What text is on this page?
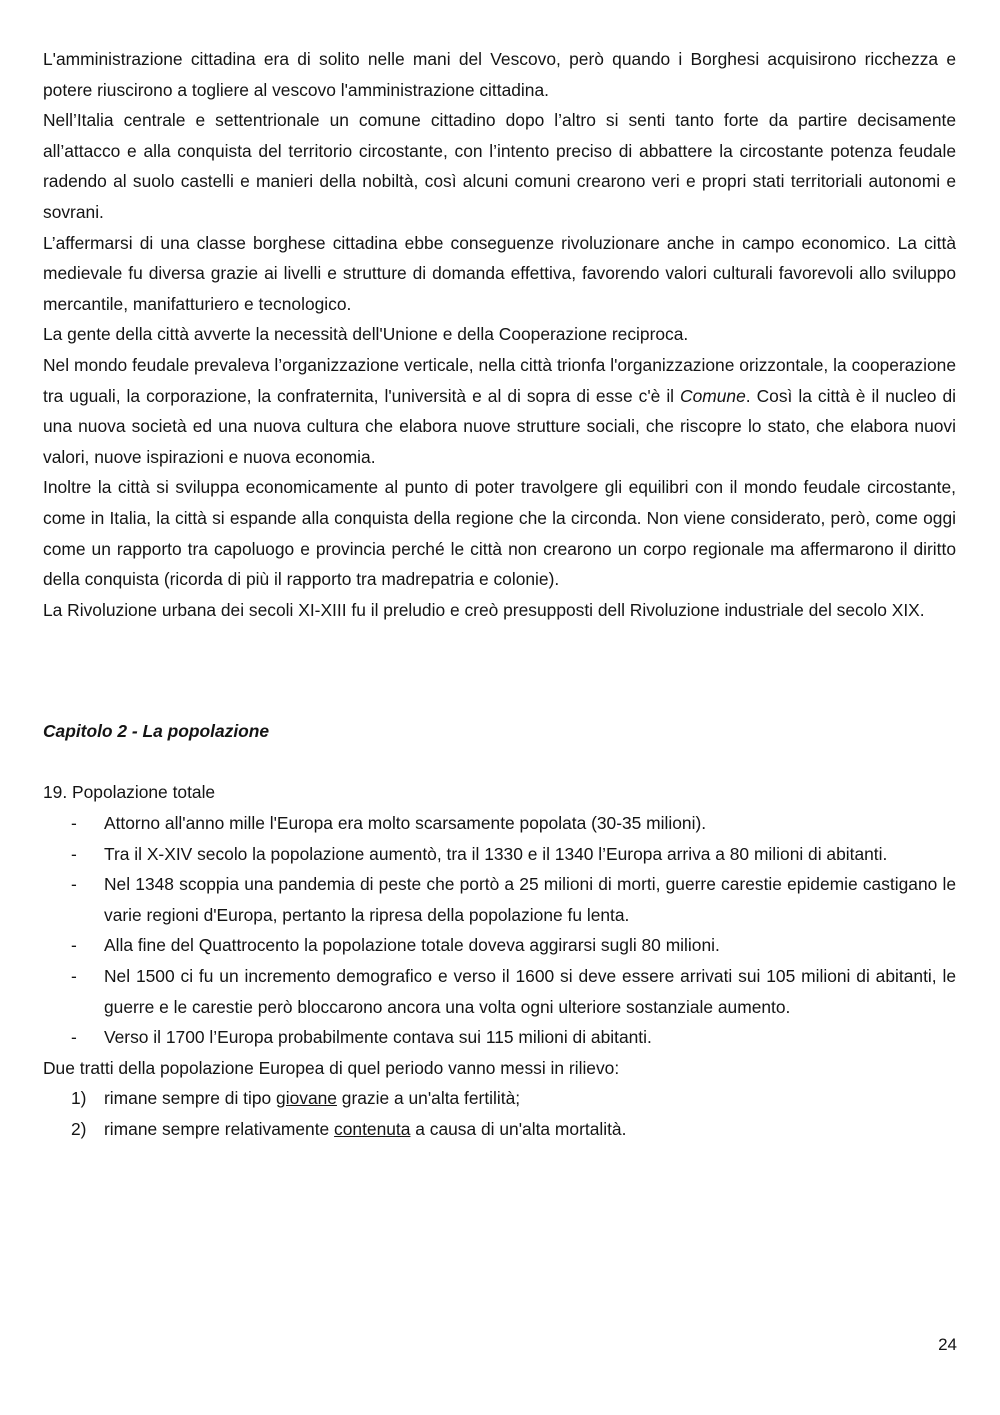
L'amministrazione cittadina era di solito nelle mani del Vescovo, però quando i Borghesi acquisirono ricchezza e potere riuscirono a togliere al vescovo l'amministrazione cittadina.

Nell’Italia centrale e settentrionale un comune cittadino dopo l’altro si senti tanto forte da partire decisamente all’attacco e alla conquista del territorio circostante, con l’intento preciso di abbattere la circostante potenza feudale radendo al suolo castelli e manieri della nobiltà, così alcuni comuni crearono veri e propri stati territoriali autonomi e sovrani.

L’affermarsi di una classe borghese cittadina ebbe conseguenze rivoluzionare anche in campo economico. La città medievale fu diversa grazie ai livelli e strutture di domanda effettiva, favorendo valori culturali favorevoli allo sviluppo mercantile, manifatturiero e tecnologico.

La gente della città avverte la necessità dell'Unione e della Cooperazione reciproca.

Nel mondo feudale prevaleva l’organizzazione verticale, nella città trionfa l'organizzazione orizzontale, la cooperazione tra uguali, la corporazione, la confraternita, l'università e al di sopra di esse c'è il Comune. Così la città è il nucleo di una nuova società ed una nuova cultura che elabora nuove strutture sociali, che riscopre lo stato, che elabora nuovi valori, nuove ispirazioni e nuova economia.

Inoltre la città si sviluppa economicamente al punto di poter travolgere gli equilibri con il mondo feudale circostante, come in Italia, la città si espande alla conquista della regione che la circonda. Non viene considerato, però, come oggi come un rapporto tra capoluogo e provincia perché le città non crearono un corpo regionale ma affermarono il diritto della conquista (ricorda di più il rapporto tra madrepatria e colonie).

La Rivoluzione urbana dei secoli XI-XIII fu il preludio e creò presupposti dell Rivoluzione industriale del secolo XIX.

Capitolo 2 - La popolazione

19. Popolazione totale

- Attorno all'anno mille l'Europa era molto scarsamente popolata (30-35 milioni).
- Tra il X-XIV secolo la popolazione aumentò, tra il 1330 e il 1340 l’Europa arriva a 80 milioni di abitanti.
- Nel 1348 scoppia una pandemia di peste che portò a 25 milioni di morti, guerre carestie epidemie castigano le varie regioni d'Europa, pertanto la ripresa della popolazione fu lenta.
- Alla fine del Quattrocento la popolazione totale doveva aggirarsi sugli 80 milioni.
- Nel 1500 ci fu un incremento demografico e verso il 1600 si deve essere arrivati sui 105 milioni di abitanti, le guerre e le carestie però bloccarono ancora una volta ogni ulteriore sostanziale aumento.
- Verso il 1700 l’Europa probabilmente contava sui 115 milioni di abitanti.

Due tratti della popolazione Europea di quel periodo vanno messi in rilievo:

1) rimane sempre di tipo giovane grazie a un'alta fertilità;
2) rimane sempre relativamente contenuta a causa di un'alta mortalità.
24
